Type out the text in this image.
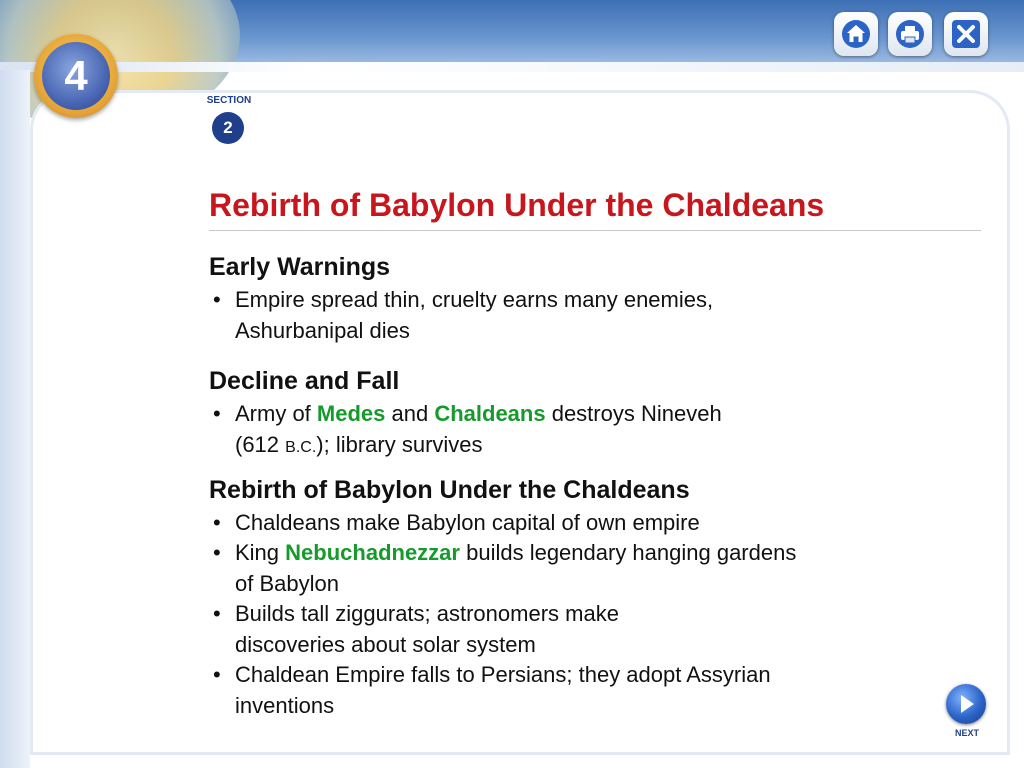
4
SECTION
2
Rebirth of Babylon Under the Chaldeans
Early Warnings
• Empire spread thin, cruelty earns many enemies, Ashurbanipal dies
Decline and Fall
• Army of Medes and Chaldeans destroys Nineveh (612 B.C.); library survives
Rebirth of Babylon Under the Chaldeans
• Chaldeans make Babylon capital of own empire
• King Nebuchadnezzar builds legendary hanging gardens of Babylon
• Builds tall ziggurats; astronomers make discoveries about solar system
• Chaldean Empire falls to Persians; they adopt Assyrian inventions
NEXT
